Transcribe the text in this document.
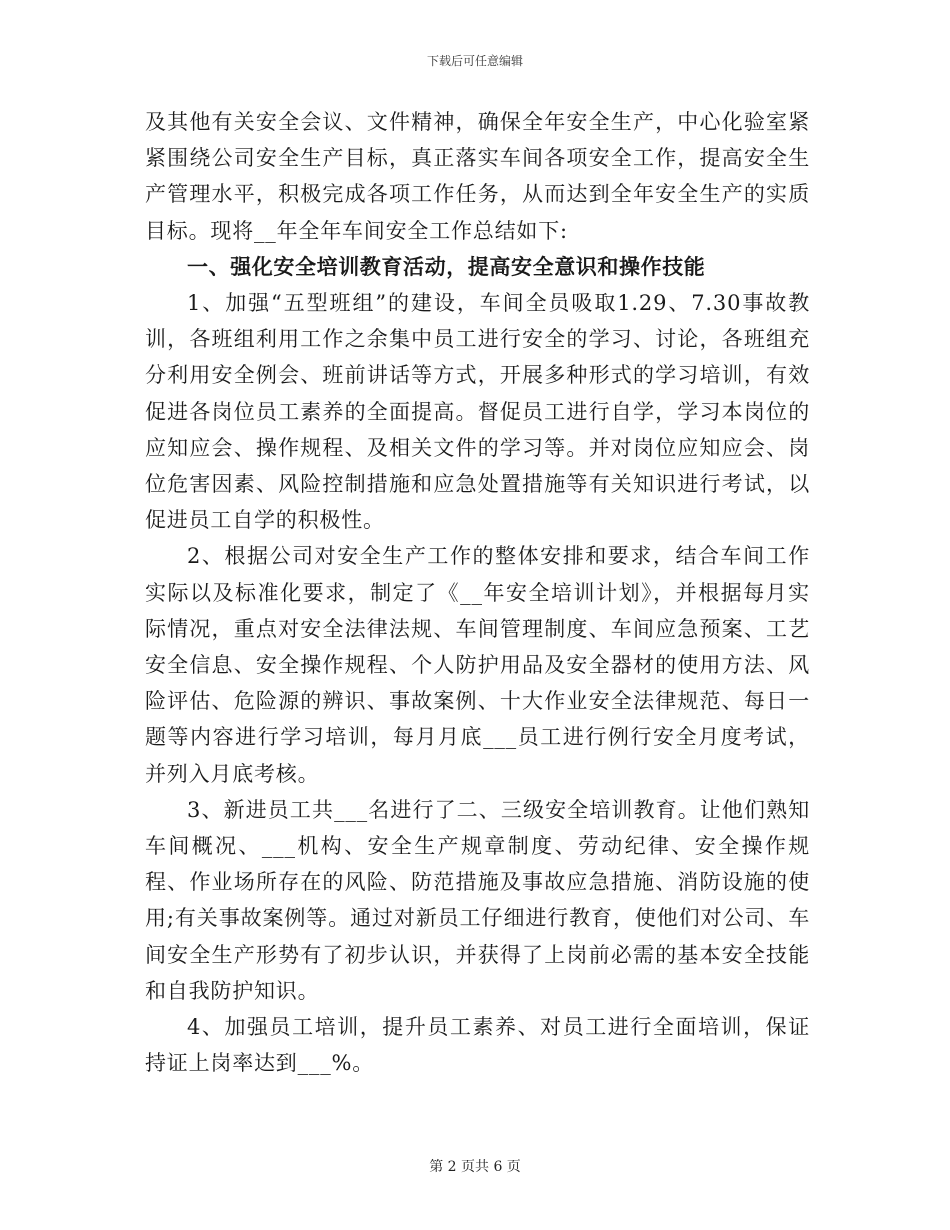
下载后可任意编辑

及其他有关安全会议、文件精神，确保全年安全生产，中心化验室紧紧围绕公司安全生产目标，真正落实车间各项安全工作，提高安全生产管理水平，积极完成各项工作任务，从而达到全年安全生产的实质目标。现将__年全年车间安全工作总结如下:

一、强化安全培训教育活动，提高安全意识和操作技能

1、加强“五型班组”的建设，车间全员吸取1.29、7.30事故教训，各班组利用工作之余集中员工进行安全的学习、讨论，各班组充分利用安全例会、班前讲话等方式，开展多种形式的学习培训，有效促进各岗位员工素养的全面提高。督促员工进行自学，学习本岗位的应知应会、操作规程、及相关文件的学习等。并对岗位应知应会、岗位危害因素、风险控制措施和应急处置措施等有关知识进行考试，以促进员工自学的积极性。

2、根据公司对安全生产工作的整体安排和要求，结合车间工作实际以及标准化要求，制定了《__年安全培训计划》，并根据每月实际情况，重点对安全法律法规、车间管理制度、车间应急预案、工艺安全信息、安全操作规程、个人防护用品及安全器材的使用方法、风险评估、危险源的辨识、事故案例、十大作业安全法律规范、每日一题等内容进行学习培训，每月月底___员工进行例行安全月度考试，并列入月底考核。

3、新进员工共___名进行了二、三级安全培训教育。让他们熟知车间概况、___机构、安全生产规章制度、劳动纪律、安全操作规程、作业场所存在的风险、防范措施及事故应急措施、消防设施的使用;有关事故案例等。通过对新员工仔细进行教育，使他们对公司、车间安全生产形势有了初步认识，并获得了上岗前必需的基本安全技能和自我防护知识。

4、加强员工培训，提升员工素养、对员工进行全面培训，保证持证上岗率达到___%。

第 2 页共 6 页
